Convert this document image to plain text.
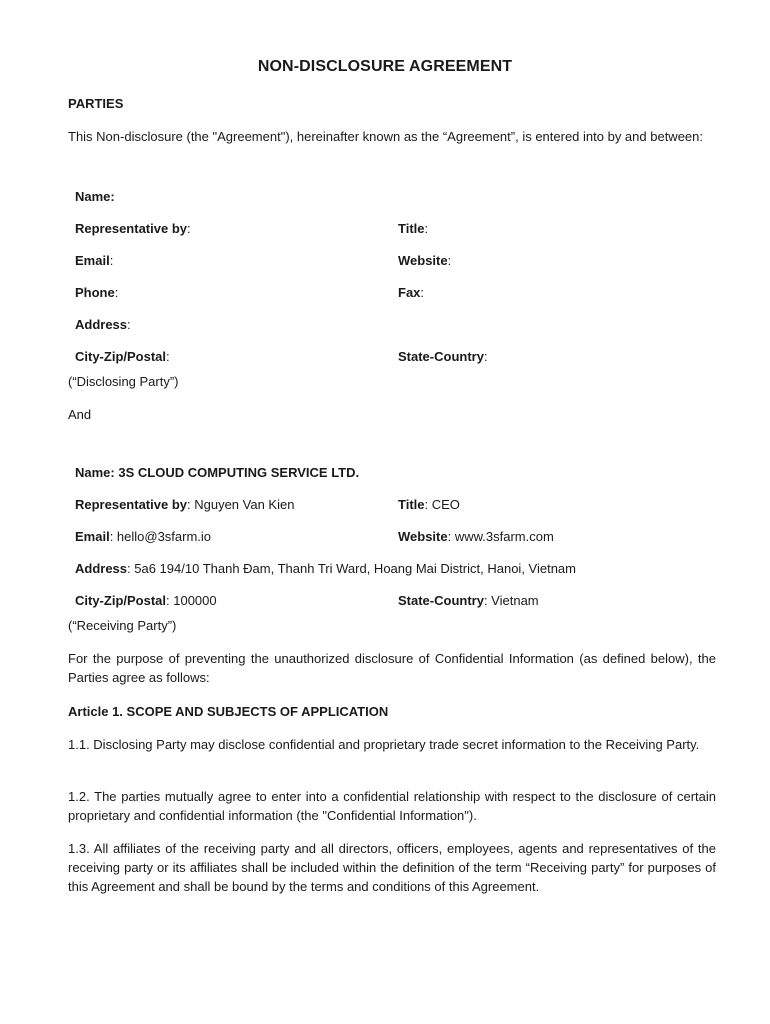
NON-DISCLOSURE AGREEMENT
PARTIES
This Non-disclosure (the "Agreement"), hereinafter known as the “Agreement”, is entered into by and between:
Name:
Representative by:	Title:
Email:	Website:
Phone:	Fax:
Address:
City-Zip/Postal:	State-Country:
(“Disclosing Party”)
And
Name: 3S CLOUD COMPUTING SERVICE LTD.
Representative by: Nguyen Van Kien	Title: CEO
Email: hello@3sfarm.io	Website: www.3sfarm.com
Address: 5a6 194/10 Thanh Đam, Thanh Tri Ward, Hoang Mai District, Hanoi, Vietnam
City-Zip/Postal: 100000	State-Country: Vietnam
(“Receiving Party”)
For the purpose of preventing the unauthorized disclosure of Confidential Information (as defined below), the Parties agree as follows:
Article 1. SCOPE AND SUBJECTS OF APPLICATION
1.1. Disclosing Party may disclose confidential and proprietary trade secret information to the Receiving Party.
1.2. The parties mutually agree to enter into a confidential relationship with respect to the disclosure of certain proprietary and confidential information (the "Confidential Information").
1.3. All affiliates of the receiving party and all directors, officers, employees, agents and representatives of the receiving party or its affiliates shall be included within the definition of the term “Receiving party” for purposes of this Agreement and shall be bound by the terms and conditions of this Agreement.
